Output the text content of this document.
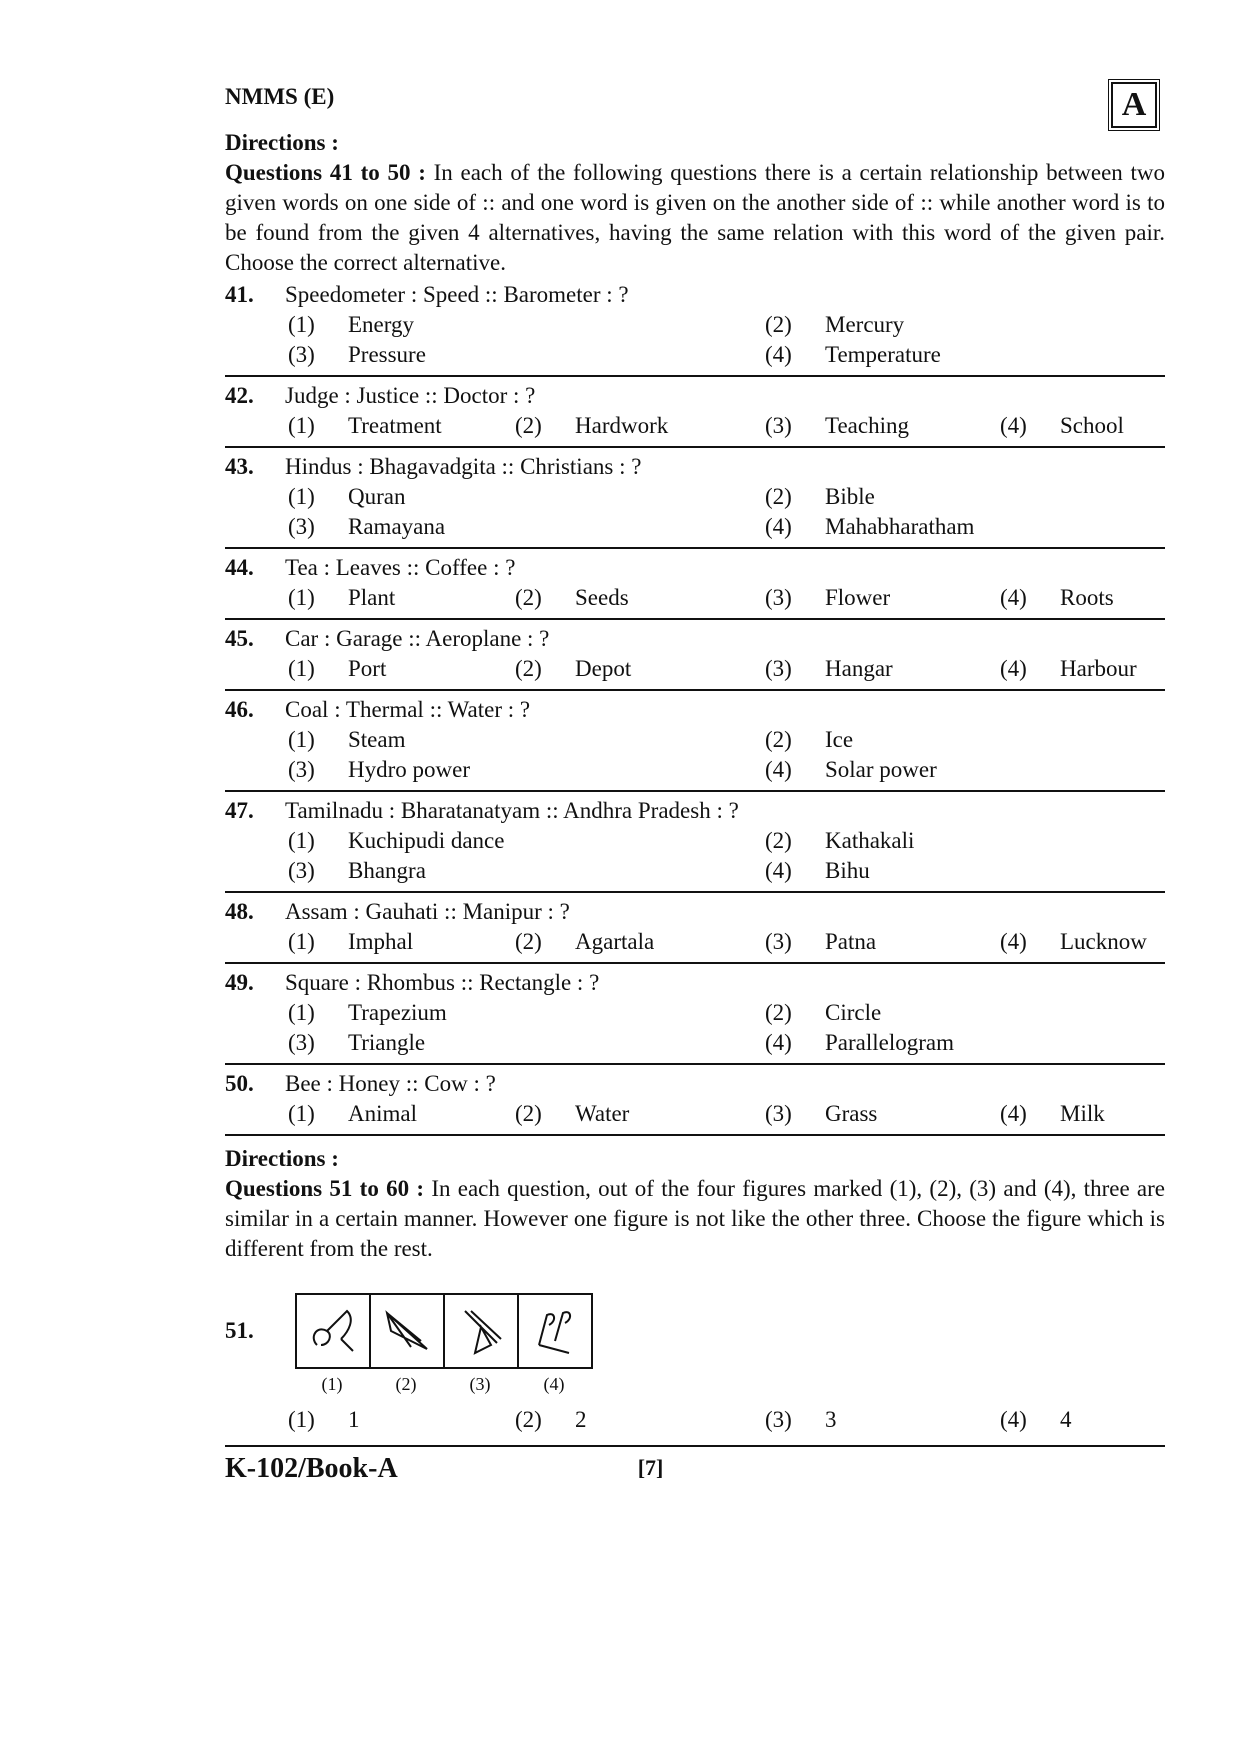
NMMS (E)	A
Directions :

Questions 41 to 50 : In each of the following questions there is a certain relationship between two given words on one side of :: and one word is given on the another side of :: while another word is to be found from the given 4 alternatives, having the same relation with this word of the given pair. Choose the correct alternative.

41.	Speedometer : Speed :: Barometer : ?
(1) Energy	(2) Mercury
(3) Pressure	(4) Temperature
42.	Judge : Justice :: Doctor : ?
(1) Treatment	(2) Hardwork	(3) Teaching	(4) School
43.	Hindus : Bhagavadgita :: Christians : ?
(1) Quran	(2) Bible
(3) Ramayana	(4) Mahabharatham
44.	Tea : Leaves :: Coffee : ?
(1) Plant	(2) Seeds	(3) Flower	(4) Roots
45.	Car : Garage :: Aeroplane : ?
(1) Port	(2) Depot	(3) Hangar	(4) Harbour
46.	Coal : Thermal :: Water : ?
(1) Steam	(2) Ice
(3) Hydro power	(4) Solar power
47.	Tamilnadu : Bharatanatyam :: Andhra Pradesh : ?
(1) Kuchipudi dance	(2) Kathakali
(3) Bhangra	(4) Bihu
48.	Assam : Gauhati :: Manipur : ?
(1) Imphal	(2) Agartala	(3) Patna	(4) Lucknow
49.	Square : Rhombus :: Rectangle : ?
(1) Trapezium	(2) Circle
(3) Triangle	(4) Parallelogram
50.	Bee : Honey :: Cow : ?
(1) Animal	(2) Water	(3) Grass	(4) Milk
Directions :

Questions 51 to 60 : In each question, out of the four figures marked (1), (2), (3) and (4), three are similar in a certain manner. However one figure is not like the other three. Choose the figure which is different from the rest.

51.
(1)	(2)	(3)	(4)
(1) 1	(2) 2	(3) 3	(4) 4
K-102/Book-A	[7]
